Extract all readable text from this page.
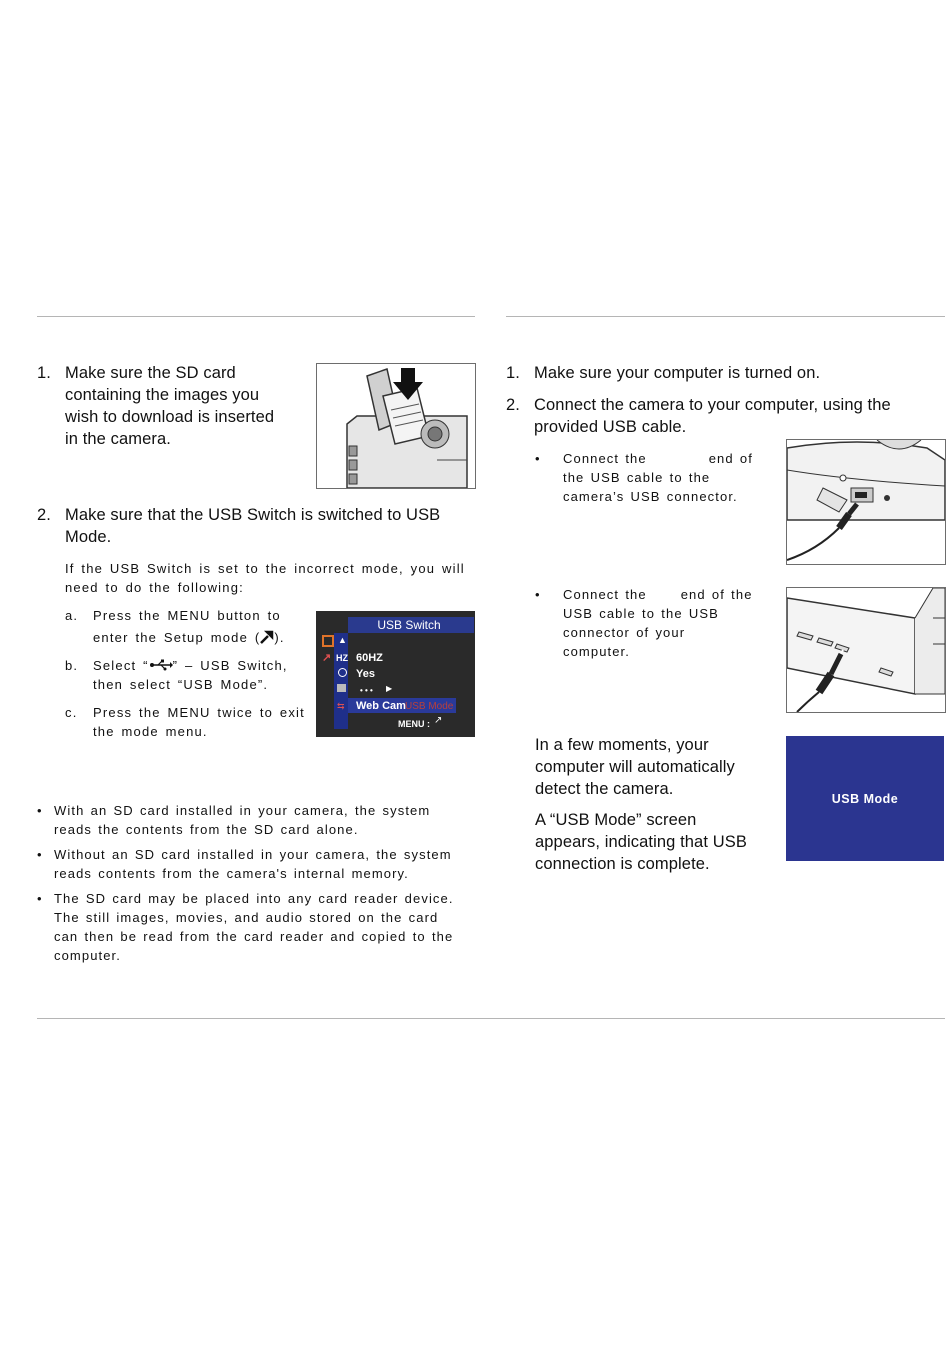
1. Make sure the SD card
containing the images you
wish to download is inserted
in the camera.
2. Make sure that the USB Switch is switched to USB
Mode.
If the USB Switch is set to the incorrect mode, you will
need to do the following:
a. Press the MENU button to
enter the Setup mode ( ).
b. Select “ ” – USB Switch,
then select “USB Mode”.
c. Press the MENU twice to exit
the mode menu.
USB Switch
↗
▲
HZ
⇆
60HZ
Yes
• • • ▶
Web Cam USB Mode
MENU : ↗
• With an SD card installed in your camera, the system
reads the contents from the SD card alone.
• Without an SD card installed in your camera, the system
reads contents from the camera's internal memory.
• The SD card may be placed into any card reader device.
The still images, movies, and audio stored on the card
can then be read from the card reader and copied to the
computer.
1. Make sure your computer is turned on.
2. Connect the camera to your computer, using the
provided USB cable.
• Connect the	end of
the USB cable to the
camera’s USB connector.
• Connect the	end of the
USB cable to the USB
connector of your
computer.
In a few moments, your
computer will automatically
detect the camera.
A “USB Mode” screen
appears, indicating that USB
connection is complete.
USB Mode
